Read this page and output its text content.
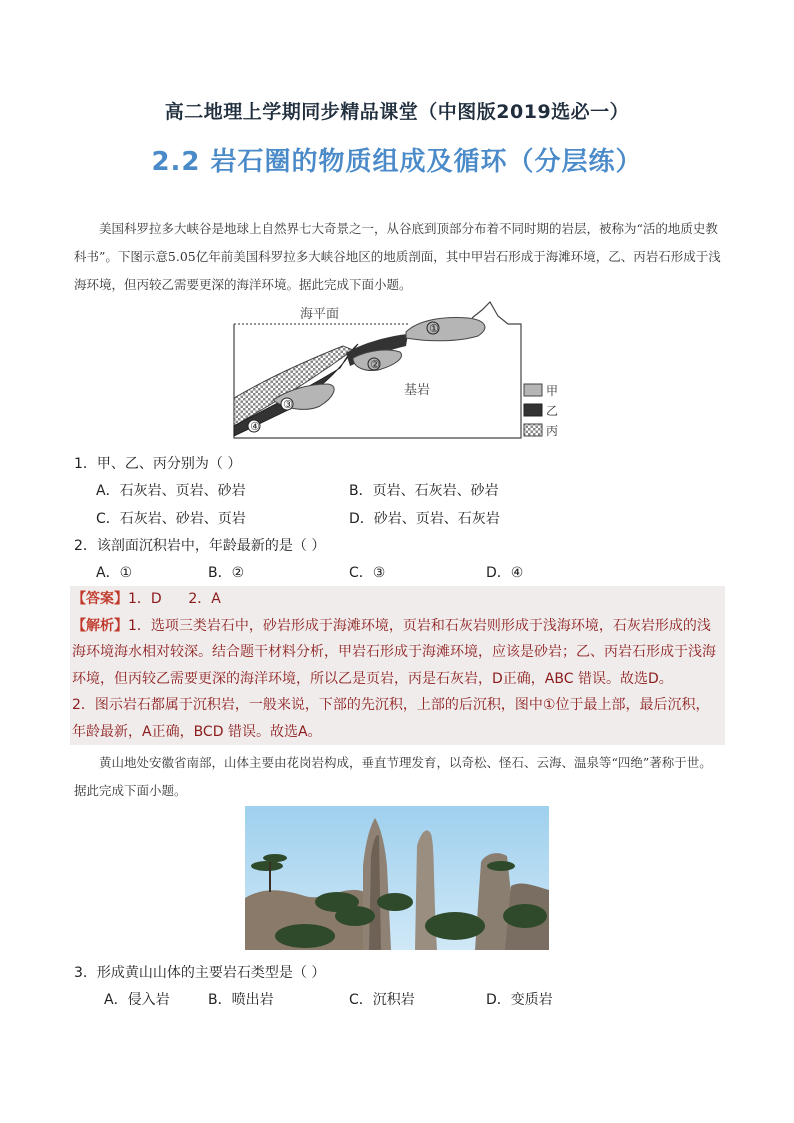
高二地理上学期同步精品课堂（中图版2019选必一）
2.2 岩石圈的物质组成及循环（分层练）
美国科罗拉多大峡谷是地球上自然界七大奇景之一，从谷底到顶部分布着不同时期的岩层，被称为“活的地质史教科书”。下图示意5.05亿年前美国科罗拉多大峡谷地区的地质剖面，其中甲岩石形成于海滩环境，乙、丙岩石形成于浅海环境，但丙较乙需要更深的海洋环境。据此完成下面小题。
海平面
①
②
③
④
基岩	甲
乙
丙
1．甲、乙、丙分别为（ ）
A．石灰岩、页岩、砂岩	B．页岩、石灰岩、砂岩
C．石灰岩、砂岩、页岩	D．砂岩、页岩、石灰岩
2．该剖面沉积岩中，年龄最新的是（ ）
A．①	B．②	C．③	D．④
【答案】1．D      2．A
【解析】1．选项三类岩石中，砂岩形成于海滩环境，页岩和石灰岩则形成于浅海环境，石灰岩形成的浅海环境海水相对较深。结合题干材料分析，甲岩石形成于海滩环境，应该是砂岩；乙、丙岩石形成于浅海环境，但丙较乙需要更深的海洋环境，所以乙是页岩，丙是石灰岩，D正确，ABC 错误。故选D。
2．图示岩石都属于沉积岩，一般来说，下部的先沉积，上部的后沉积，图中①位于最上部，最后沉积，年龄最新，A正确，BCD 错误。故选A。
黄山地处安徽省南部，山体主要由花岗岩构成，垂直节理发育，以奇松、怪石、云海、温泉等“四绝”著称于世。据此完成下面小题。
3．形成黄山山体的主要岩石类型是（ ）
A．侵入岩	B．喷出岩	C．沉积岩	D．变质岩
